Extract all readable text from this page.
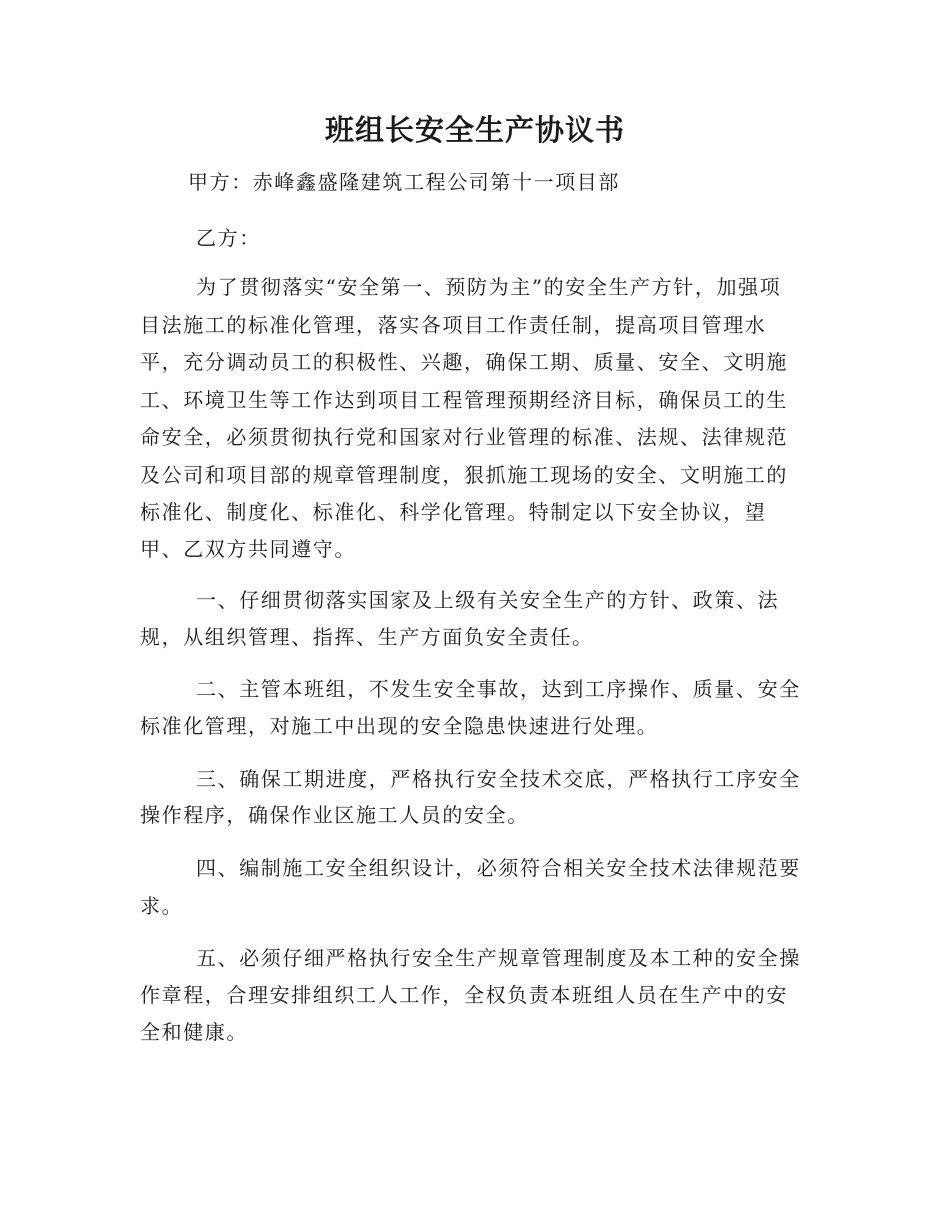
班组长安全生产协议书
甲方：赤峰鑫盛隆建筑工程公司第十一项目部
乙方：
为了贯彻落实“安全第一、预防为主”的安全生产方针，加强项
目法施工的标准化管理，落实各项目工作责任制，提高项目管理水
平，充分调动员工的积极性、兴趣，确保工期、质量、安全、文明施
工、环境卫生等工作达到项目工程管理预期经济目标，确保员工的生
命安全，必须贯彻执行党和国家对行业管理的标准、法规、法律规范
及公司和项目部的规章管理制度，狠抓施工现场的安全、文明施工的
标准化、制度化、标准化、科学化管理。特制定以下安全协议，望
甲、乙双方共同遵守。
一、仔细贯彻落实国家及上级有关安全生产的方针、政策、法
规，从组织管理、指挥、生产方面负安全责任。
二、主管本班组，不发生安全事故，达到工序操作、质量、安全
标准化管理，对施工中出现的安全隐患快速进行处理。
三、确保工期进度，严格执行安全技术交底，严格执行工序安全
操作程序，确保作业区施工人员的安全。
四、编制施工安全组织设计，必须符合相关安全技术法律规范要
求。
五、必须仔细严格执行安全生产规章管理制度及本工种的安全操
作章程，合理安排组织工人工作，全权负责本班组人员在生产中的安
全和健康。
